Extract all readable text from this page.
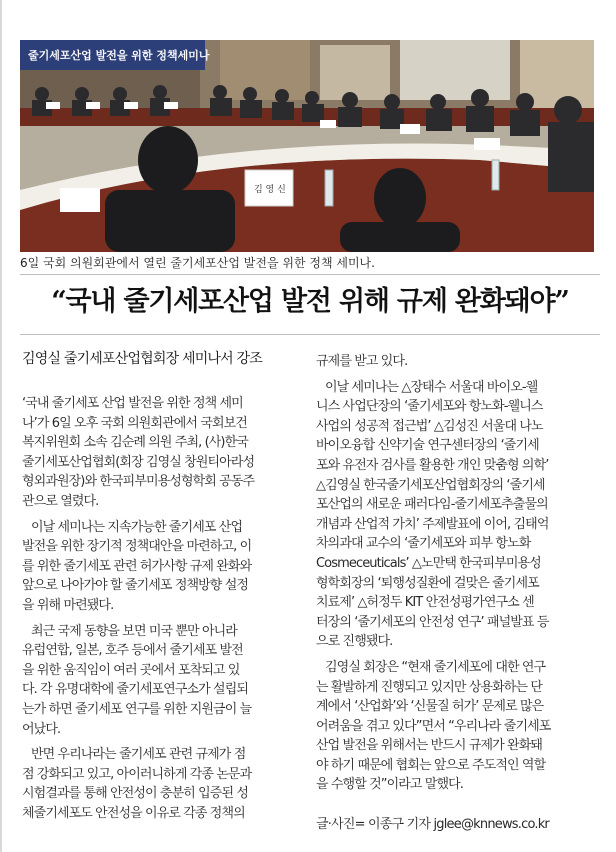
줄기세포산업 발전을 위한 정책세미나
김 영 신
6일 국회 의원회관에서 열린 줄기세포산업 발전을 위한 정책 세미나.
“국내 줄기세포산업 발전 위해 규제 완화돼야”
김영실 줄기세포산업협회장 세미나서 강조
‘국내 줄기세포 산업 발전을 위한 정책 세미
나’가 6일 오후 국회 의원회관에서 국회보건
복지위원회 소속 김순례 의원 주최, (사)한국
줄기세포산업협회(회장 김영실 창원티아라성
형외과원장)와 한국피부미용성형학회 공동주
관으로 열렸다.
이날 세미나는 지속가능한 줄기세포 산업
발전을 위한 장기적 정책대안을 마련하고, 이
를 위한 줄기세포 관련 허가사항 규제 완화와
앞으로 나아가야 할 줄기세포 정책방향 설정
을 위해 마련됐다.
최근 국제 동향을 보면 미국 뿐만 아니라
유럽연합, 일본, 호주 등에서 줄기세포 발전
을 위한 움직임이 여러 곳에서 포착되고 있
다. 각 유명대학에 줄기세포연구소가 설립되
는가 하면 줄기세포 연구를 위한 지원금이 늘
어났다.
반면 우리나라는 줄기세포 관련 규제가 점
점 강화되고 있고, 아이러니하게 각종 논문과
시험결과를 통해 안전성이 충분히 입증된 성
체줄기세포도 안전성을 이유로 각종 정책의
규제를 받고 있다.
이날 세미나는 △장태수 서울대 바이오-웰
니스 사업단장의 ‘줄기세포와 항노화-웰니스
사업의 성공적 접근법’ △김성진 서울대 나노
바이오융합 신약기술 연구센터장의 ‘줄기세
포와 유전자 검사를 활용한 개인 맞춤형 의학’
△김영실 한국줄기세포산업협회장의 ‘줄기세
포산업의 새로운 패러다임-줄기세포추출물의
개념과 산업적 가치’ 주제발표에 이어, 김태억
차의과대 교수의 ‘줄기세포와 피부 항노화
Cosmeceuticals’ △노만택 한국피부미용성
형학회장의 ‘퇴행성질환에 걸맞은 줄기세포
치료제’ △허정두 KIT 안전성평가연구소 센
터장의 ‘줄기세포의 안전성 연구’ 패널발표 등
으로 진행됐다.
김영실 회장은 “현재 줄기세포에 대한 연구
는 활발하게 진행되고 있지만 상용화하는 단
계에서 ‘산업화’와 ‘신물질 허가’ 문제로 많은
어려움을 겪고 있다”면서 “우리나라 줄기세포
산업 발전을 위해서는 반드시 규제가 완화돼
야 하기 때문에 협회는 앞으로 주도적인 역할
을 수행할 것”이라고 말했다.
글·사진= 이종구 기자 jglee@knnews.co.kr
